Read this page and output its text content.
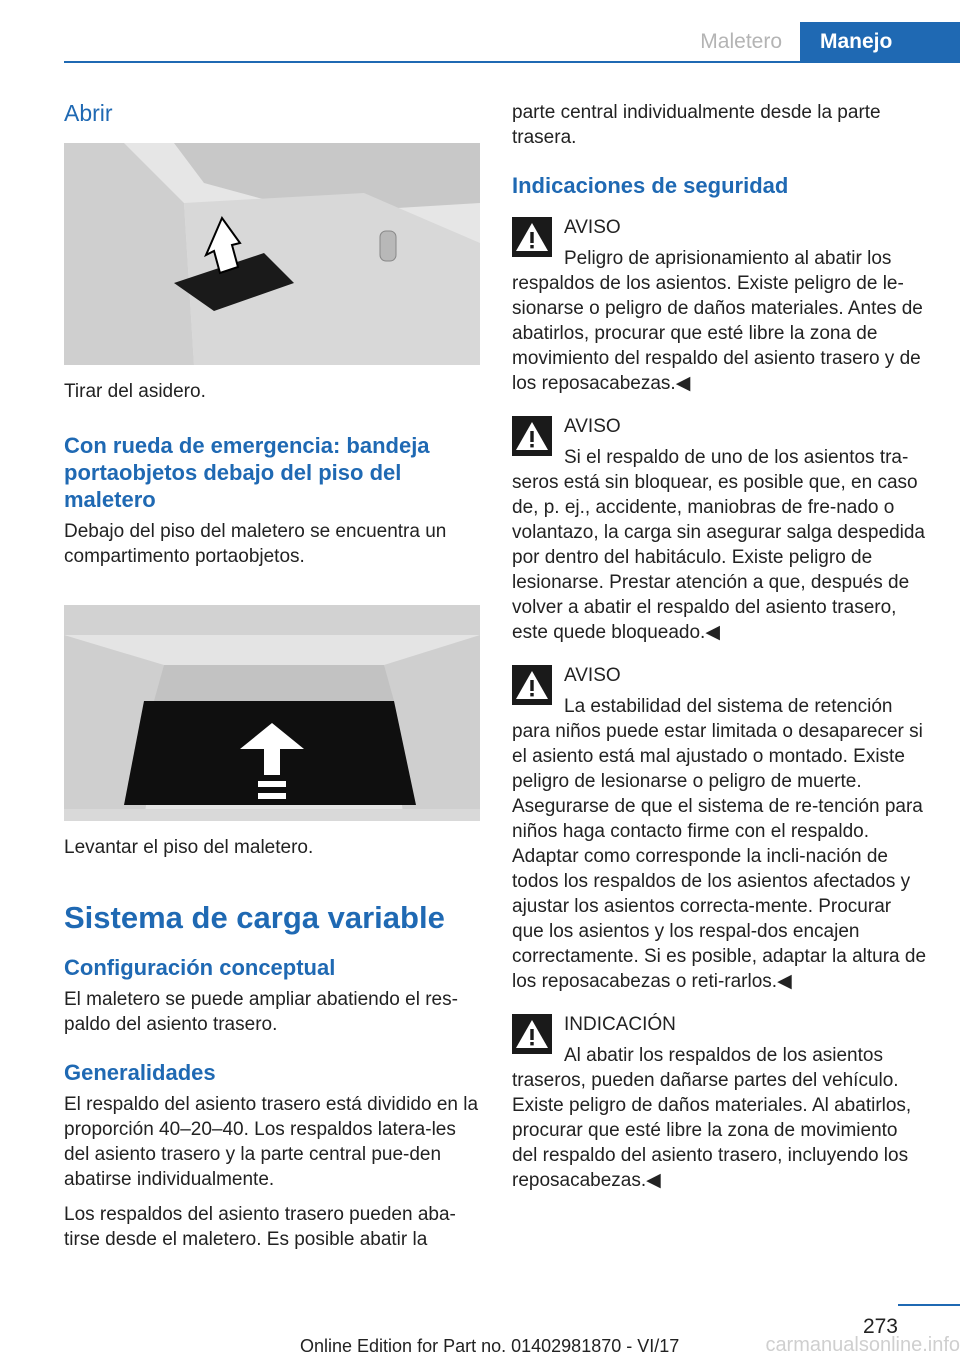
Maletero	Manejo
Abrir

Tirar del asidero.

Con rueda de emergencia: bandeja portaobjetos debajo del piso del maletero

Debajo del piso del maletero se encuentra un compartimento portaobjetos.

Levantar el piso del maletero.

Sistema de carga variable
Configuración conceptual

El maletero se puede ampliar abatiendo el res-paldo del asiento trasero.

Generalidades

El respaldo del asiento trasero está dividido en la proporción 40–20–40. Los respaldos latera-les del asiento trasero y la parte central pue-den abatirse individualmente.

Los respaldos del asiento trasero pueden aba-tirse desde el maletero. Es posible abatir la

parte central individualmente desde la parte trasera.

Indicaciones de seguridad
AVISO

Peligro de aprisionamiento al abatir los respaldos de los asientos. Existe peligro de le-sionarse o peligro de daños materiales. Antes de abatirlos, procurar que esté libre la zona de movimiento del respaldo del asiento trasero y de los reposacabezas.◀

AVISO

Si el respaldo de uno de los asientos tra-seros está sin bloquear, es posible que, en caso de, p. ej., accidente, maniobras de fre-nado o volantazo, la carga sin asegurar salga despedida por dentro del habitáculo. Existe peligro de lesionarse. Prestar atención a que, después de volver a abatir el respaldo del asiento trasero, este quede bloqueado.◀

AVISO

La estabilidad del sistema de retención para niños puede estar limitada o desaparecer si el asiento está mal ajustado o montado. Existe peligro de lesionarse o peligro de muerte. Asegurarse de que el sistema de re-tención para niños haga contacto firme con el respaldo. Adaptar como corresponde la incli-nación de todos los respaldos de los asientos afectados y ajustar los asientos correcta-mente. Procurar que los asientos y los respal-dos encajen correctamente. Si es posible, adaptar la altura de los reposacabezas o reti-rarlos.◀

INDICACIÓN

Al abatir los respaldos de los asientos traseros, pueden dañarse partes del vehículo. Existe peligro de daños materiales. Al abatirlos, procurar que esté libre la zona de movimiento del respaldo del asiento trasero, incluyendo los reposacabezas.◀

273
Online Edition for Part no. 01402981870 - VI/17	carmanualsonline.info
